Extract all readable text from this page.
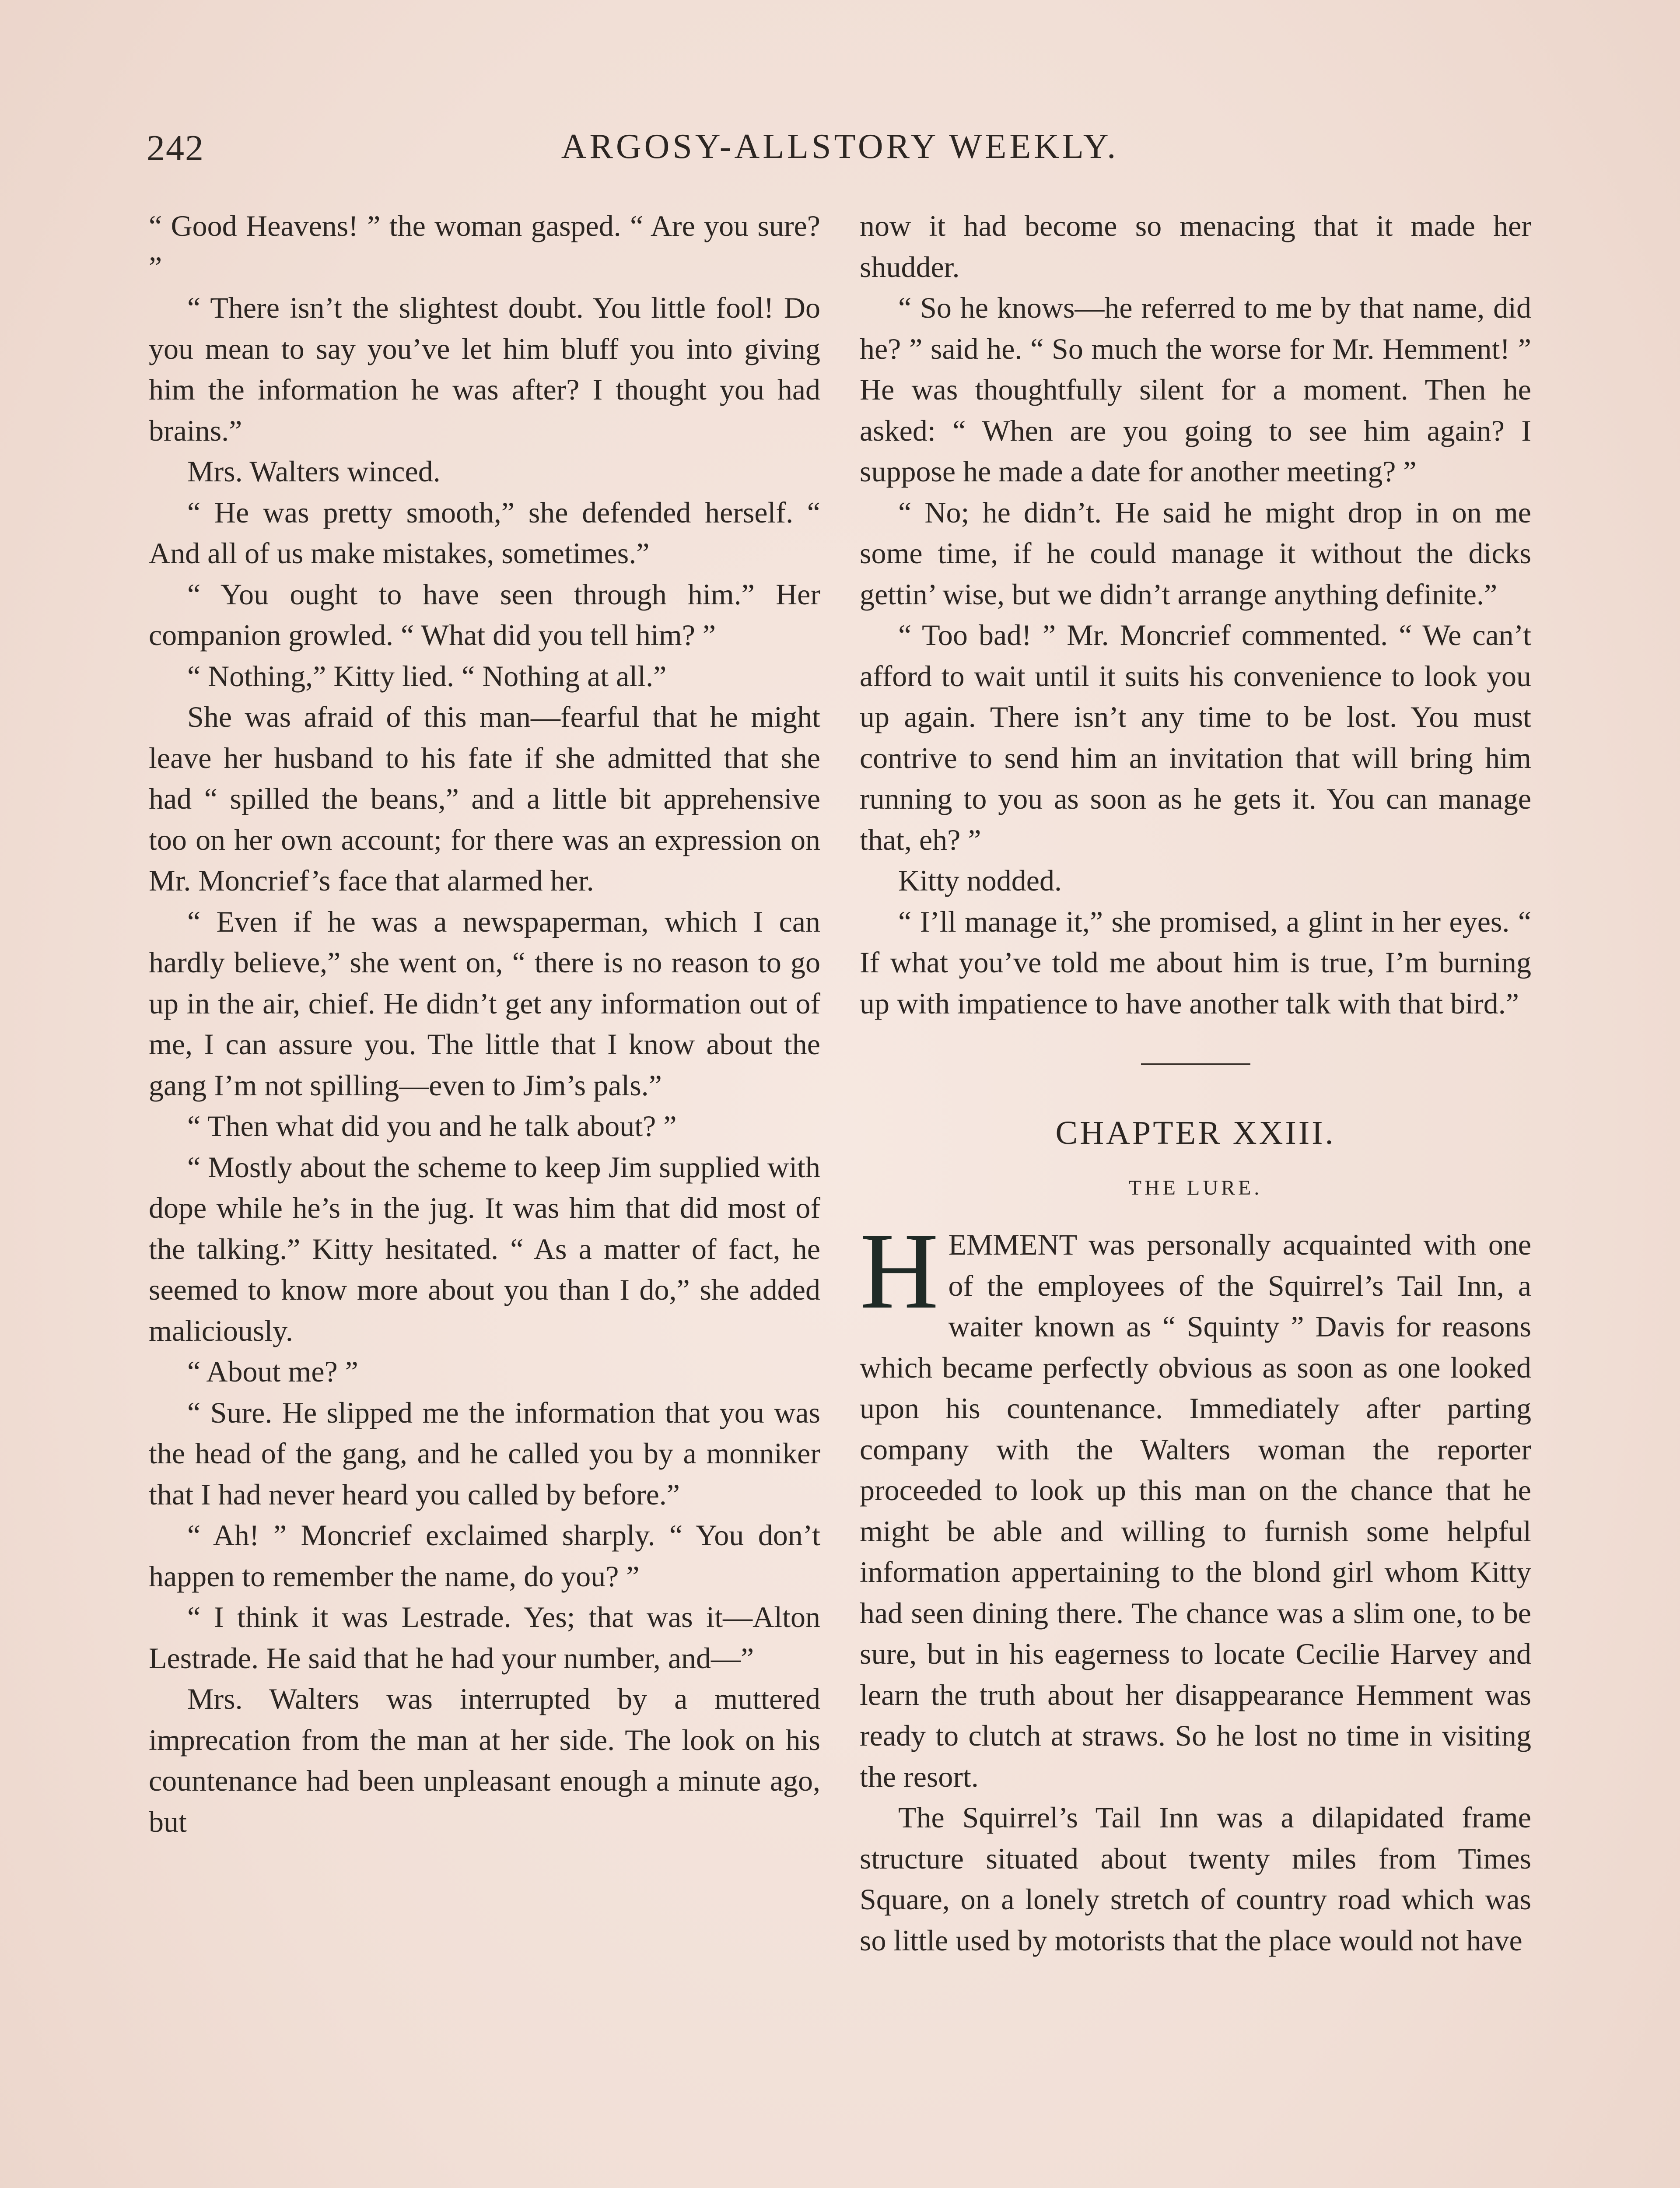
242	ARGOSY-ALLSTORY WEEKLY.

“ Good Heavens! ” the woman gasped. “ Are you sure? ”

“ There isn’t the slightest doubt. You little fool! Do you mean to say you’ve let him bluff you into giving him the information he was after? I thought you had brains.”

Mrs. Walters winced.

“ He was pretty smooth,” she defended herself. “ And all of us make mistakes, sometimes.”

“ You ought to have seen through him.” Her companion growled. “ What did you tell him? ”

“ Nothing,” Kitty lied. “ Nothing at all.”

She was afraid of this man—fearful that he might leave her husband to his fate if she admitted that she had “ spilled the beans,” and a little bit apprehensive too on her own account; for there was an expression on Mr. Moncrief’s face that alarmed her.

“ Even if he was a newspaperman, which I can hardly believe,” she went on, “ there is no reason to go up in the air, chief. He didn’t get any information out of me, I can assure you. The little that I know about the gang I’m not spilling—even to Jim’s pals.”

“ Then what did you and he talk about? ”

“ Mostly about the scheme to keep Jim supplied with dope while he’s in the jug. It was him that did most of the talking.” Kitty hesitated. “ As a matter of fact, he seemed to know more about you than I do,” she added maliciously.

“ About me? ”

“ Sure. He slipped me the information that you was the head of the gang, and he called you by a monniker that I had never heard you called by before.”

“ Ah! ” Moncrief exclaimed sharply. “ You don’t happen to remember the name, do you? ”

“ I think it was Lestrade. Yes; that was it—Alton Lestrade. He said that he had your number, and—”

Mrs. Walters was interrupted by a muttered imprecation from the man at her side. The look on his countenance had been unpleasant enough a minute ago, but

now it had become so menacing that it made her shudder.

“ So he knows—he referred to me by that name, did he? ” said he. “ So much the worse for Mr. Hemment! ” He was thoughtfully silent for a moment. Then he asked: “ When are you going to see him again? I suppose he made a date for another meeting? ”

“ No; he didn’t. He said he might drop in on me some time, if he could manage it without the dicks gettin’ wise, but we didn’t arrange anything definite.”

“ Too bad! ” Mr. Moncrief commented. “ We can’t afford to wait until it suits his convenience to look you up again. There isn’t any time to be lost. You must contrive to send him an invitation that will bring him running to you as soon as he gets it. You can manage that, eh? ”

Kitty nodded.

“ I’ll manage it,” she promised, a glint in her eyes. “ If what you’ve told me about him is true, I’m burning up with impatience to have another talk with that bird.”

CHAPTER XXIII.
THE LURE.

HEMMENT was personally acquainted with one of the employees of the Squirrel’s Tail Inn, a waiter known as “ Squinty ” Davis for reasons which became perfectly obvious as soon as one looked upon his countenance. Immediately after parting company with the Walters woman the reporter proceeded to look up this man on the chance that he might be able and willing to furnish some helpful information appertaining to the blond girl whom Kitty had seen dining there. The chance was a slim one, to be sure, but in his eagerness to locate Cecilie Harvey and learn the truth about her disappearance Hemment was ready to clutch at straws. So he lost no time in visiting the resort.

The Squirrel’s Tail Inn was a dilapidated frame structure situated about twenty miles from Times Square, on a lonely stretch of country road which was so little used by motorists that the place would not have
